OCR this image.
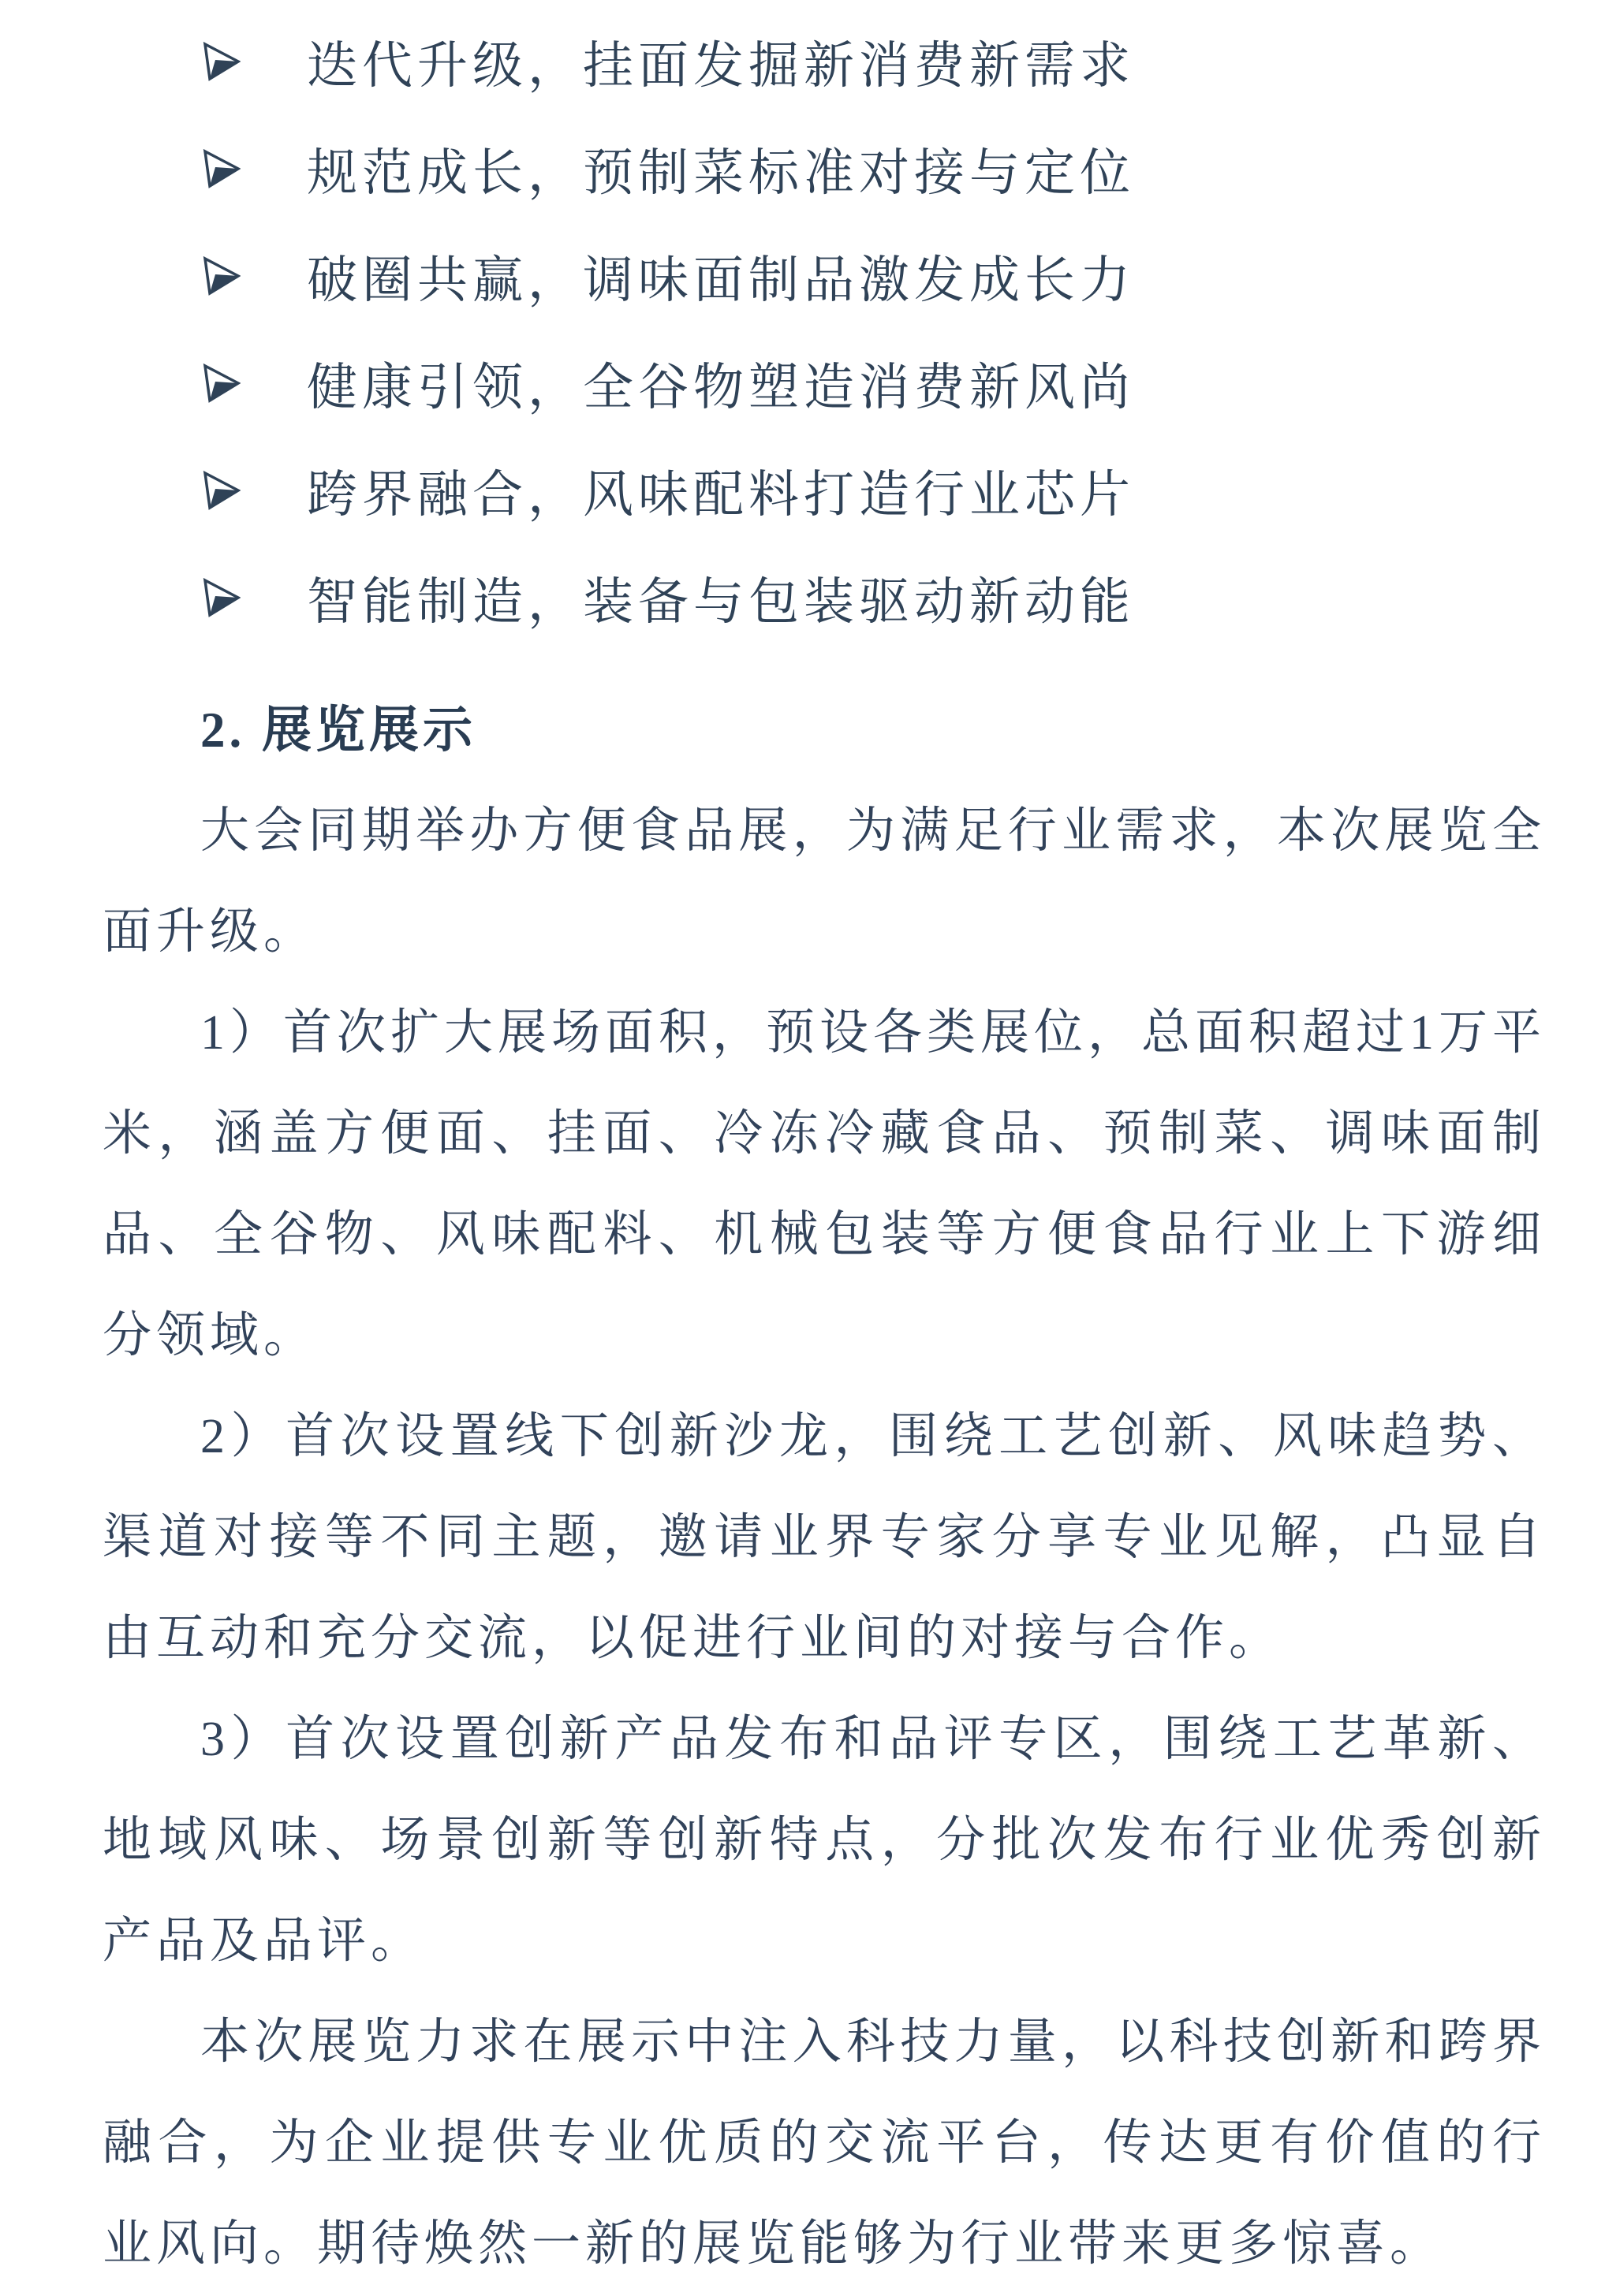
迭代升级，挂面发掘新消费新需求
规范成长，预制菜标准对接与定位
破圈共赢，调味面制品激发成长力
健康引领，全谷物塑造消费新风尚
跨界融合，风味配料打造行业芯片
智能制造，装备与包装驱动新动能
2. 展览展示

大会同期举办方便食品展，为满足行业需求，本次展览全面升级。

1）首次扩大展场面积，预设各类展位，总面积超过1万平米，涵盖方便面、挂面、冷冻冷藏食品、预制菜、调味面制品、全谷物、风味配料、机械包装等方便食品行业上下游细分领域。

2）首次设置线下创新沙龙，围绕工艺创新、风味趋势、渠道对接等不同主题，邀请业界专家分享专业见解，凸显自由互动和充分交流，以促进行业间的对接与合作。

3）首次设置创新产品发布和品评专区，围绕工艺革新、地域风味、场景创新等创新特点，分批次发布行业优秀创新产品及品评。

本次展览力求在展示中注入科技力量，以科技创新和跨界融合，为企业提供专业优质的交流平台，传达更有价值的行业风向。期待焕然一新的展览能够为行业带来更多惊喜。
